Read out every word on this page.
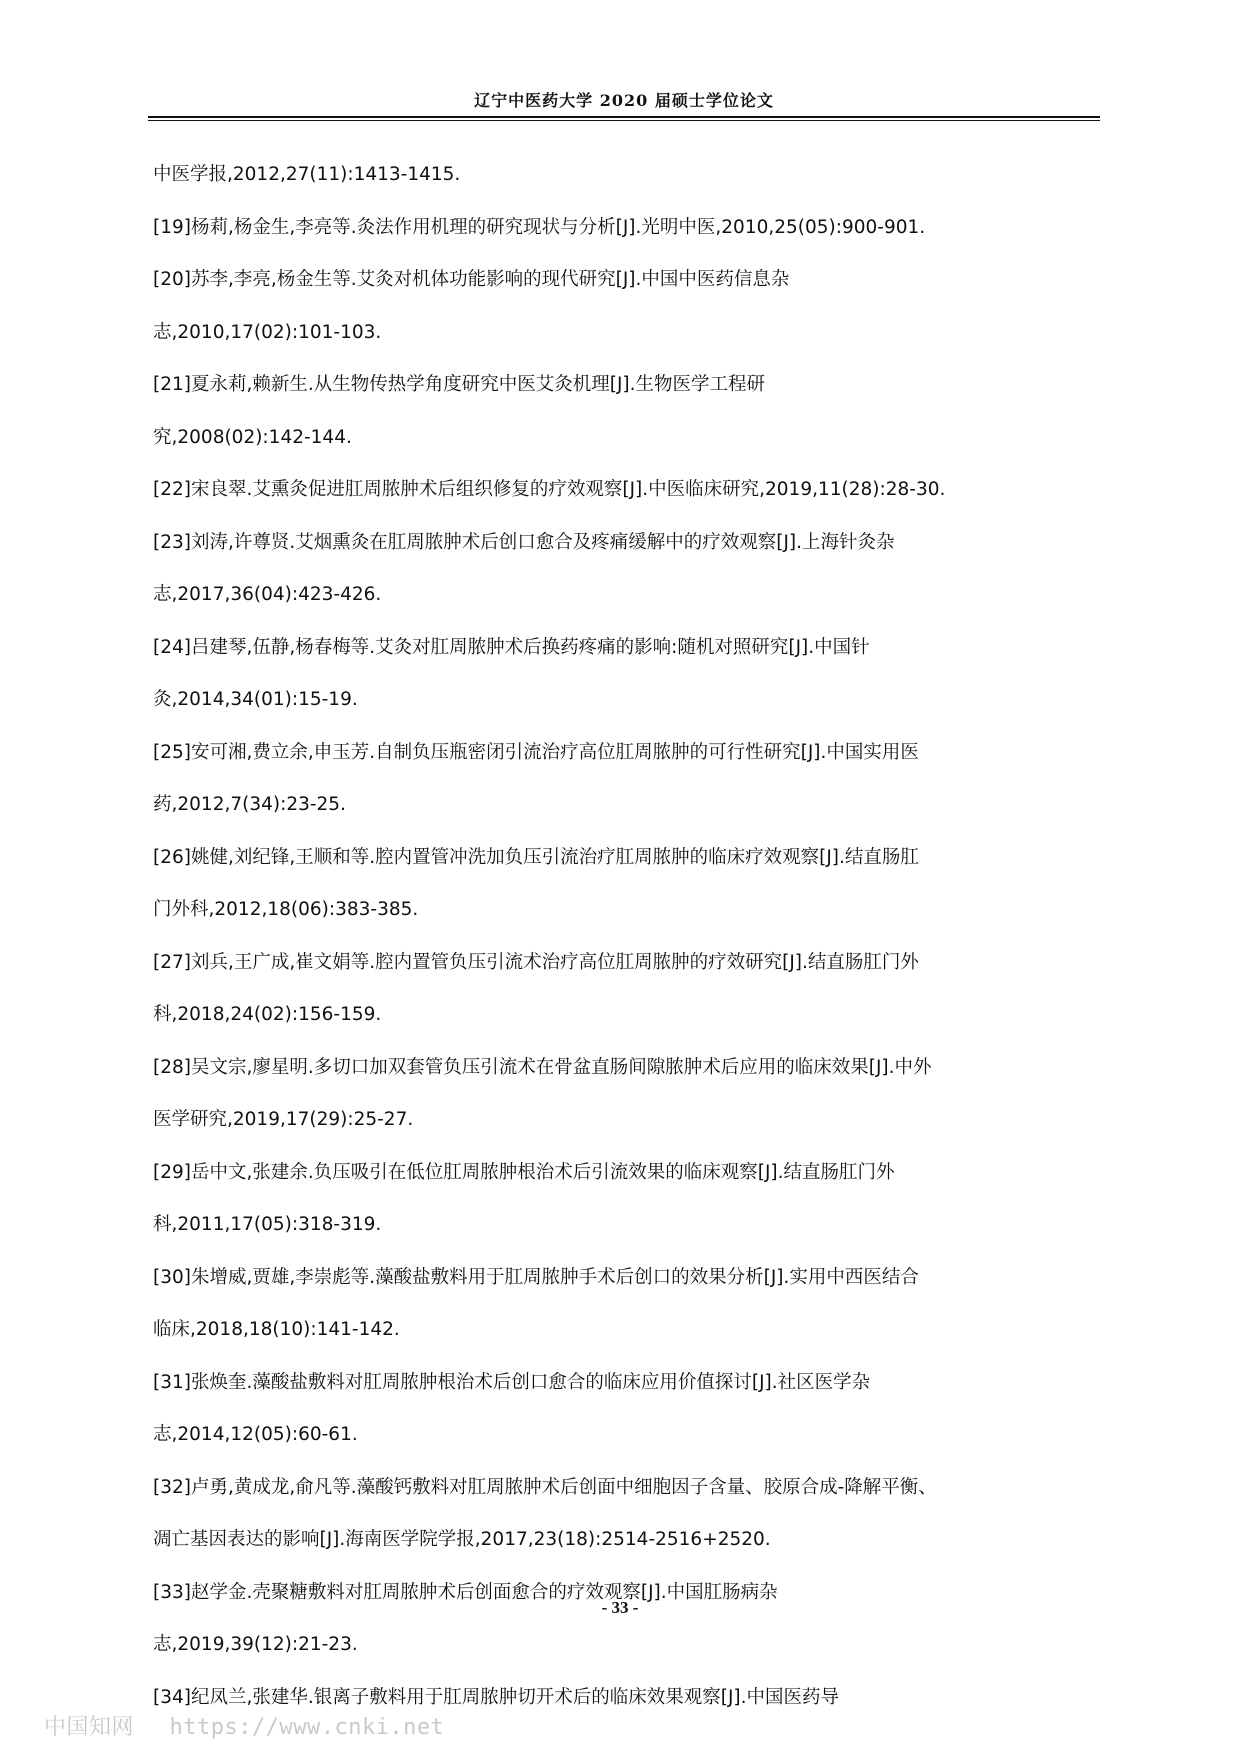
辽宁中医药大学 2020 届硕士学位论文
中医学报,2012,27(11):1413-1415.
[19]杨莉,杨金生,李亮等.灸法作用机理的研究现状与分析[J].光明中医,2010,25(05):900-901.
[20]苏李,李亮,杨金生等.艾灸对机体功能影响的现代研究[J].中国中医药信息杂
志,2010,17(02):101-103.
[21]夏永莉,赖新生.从生物传热学角度研究中医艾灸机理[J].生物医学工程研
究,2008(02):142-144.
[22]宋良翠.艾熏灸促进肛周脓肿术后组织修复的疗效观察[J].中医临床研究,2019,11(28):28-30.
[23]刘涛,许尊贤.艾烟熏灸在肛周脓肿术后创口愈合及疼痛缓解中的疗效观察[J].上海针灸杂
志,2017,36(04):423-426.
[24]吕建琴,伍静,杨春梅等.艾灸对肛周脓肿术后换药疼痛的影响:随机对照研究[J].中国针
灸,2014,34(01):15-19.
[25]安可湘,费立余,申玉芳.自制负压瓶密闭引流治疗高位肛周脓肿的可行性研究[J].中国实用医
药,2012,7(34):23-25.
[26]姚健,刘纪锋,王顺和等.腔内置管冲洗加负压引流治疗肛周脓肿的临床疗效观察[J].结直肠肛
门外科,2012,18(06):383-385.
[27]刘兵,王广成,崔文娟等.腔内置管负压引流术治疗高位肛周脓肿的疗效研究[J].结直肠肛门外
科,2018,24(02):156-159.
[28]吴文宗,廖星明.多切口加双套管负压引流术在骨盆直肠间隙脓肿术后应用的临床效果[J].中外
医学研究,2019,17(29):25-27.
[29]岳中文,张建余.负压吸引在低位肛周脓肿根治术后引流效果的临床观察[J].结直肠肛门外
科,2011,17(05):318-319.
[30]朱增威,贾雄,李崇彪等.藻酸盐敷料用于肛周脓肿手术后创口的效果分析[J].实用中西医结合
临床,2018,18(10):141-142.
[31]张焕奎.藻酸盐敷料对肛周脓肿根治术后创口愈合的临床应用价值探讨[J].社区医学杂
志,2014,12(05):60-61.
[32]卢勇,黄成龙,俞凡等.藻酸钙敷料对肛周脓肿术后创面中细胞因子含量、胶原合成-降解平衡、
凋亡基因表达的影响[J].海南医学院学报,2017,23(18):2514-2516+2520.
[33]赵学金.壳聚糖敷料对肛周脓肿术后创面愈合的疗效观察[J].中国肛肠病杂
志,2019,39(12):21-23.
[34]纪凤兰,张建华.银离子敷料用于肛周脓肿切开术后的临床效果观察[J].中国医药导
- 33 -
中国知网 https://www.cnki.net
